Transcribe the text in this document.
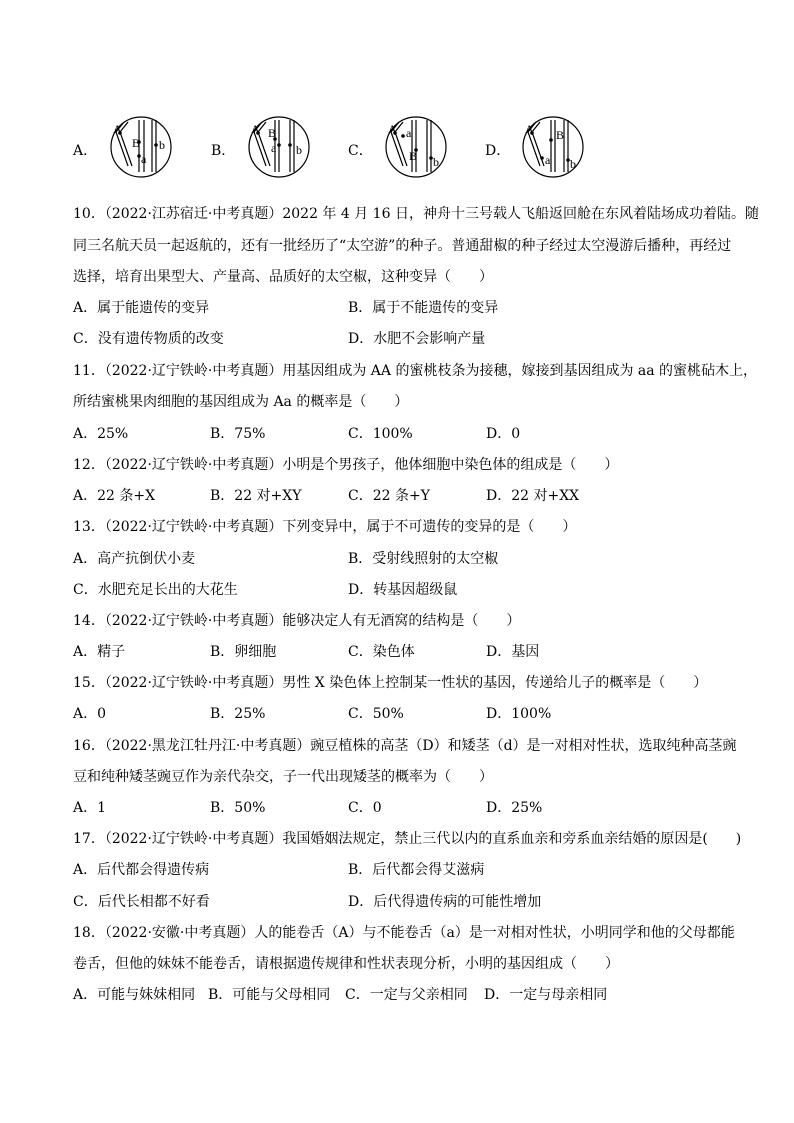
A．
A
B
a
b	B．
A B
a b	C．
A a
B b
D．
A B
a b
10．（2022·江苏宿迁·中考真题）2022 年 4 月 16 日，神舟十三号载人飞船返回舱在东风着陆场成功着陆。随
同三名航天员一起返航的，还有一批经历了“太空游”的种子。普通甜椒的种子经过太空漫游后播种，再经过
选择，培育出果型大、产量高、品质好的太空椒，这种变异（　　）
A．属于能遗传的变异	B．属于不能遗传的变异
C．没有遗传物质的改变	D．水肥不会影响产量
11．（2022·辽宁铁岭·中考真题）用基因组成为 AA 的蜜桃枝条为接穗，嫁接到基因组成为 aa 的蜜桃砧木上，
所结蜜桃果肉细胞的基因组成为 Aa 的概率是（　　）
A．25%	B．75%	C．100%	D．0
12．（2022·辽宁铁岭·中考真题）小明是个男孩子，他体细胞中染色体的组成是（　　）
A．22 条+X	B．22 对+XY	C．22 条+Y	D．22 对+XX
13．（2022·辽宁铁岭·中考真题）下列变异中，属于不可遗传的变异的是（　　）
A．高产抗倒伏小麦	B．受射线照射的太空椒
C．水肥充足长出的大花生	D．转基因超级鼠
14．（2022·辽宁铁岭·中考真题）能够决定人有无酒窝的结构是（　　）
A．精子	B．卵细胞	C．染色体	D．基因
15．（2022·辽宁铁岭·中考真题）男性 X 染色体上控制某一性状的基因，传递给儿子的概率是（　　）
A．0	B．25%	C．50%	D．100%
16．（2022·黑龙江牡丹江·中考真题）豌豆植株的高茎（D）和矮茎（d）是一对相对性状，选取纯种高茎豌
豆和纯种矮茎豌豆作为亲代杂交，子一代出现矮茎的概率为（　　）
A．1	B．50%	C．0	D．25%
17．（2022·辽宁铁岭·中考真题）我国婚姻法规定，禁止三代以内的直系血亲和旁系血亲结婚的原因是(　　)
A．后代都会得遗传病	B．后代都会得艾滋病
C．后代长相都不好看	D．后代得遗传病的可能性增加
18．（2022·安徽·中考真题）人的能卷舌（A）与不能卷舌（a）是一对相对性状，小明同学和他的父母都能
卷舌，但他的妹妹不能卷舌，请根据遗传规律和性状表现分析，小明的基因组成（　　）
A．可能与妹妹相同 B．可能与父母相同 C．一定与父亲相同 D．一定与母亲相同
